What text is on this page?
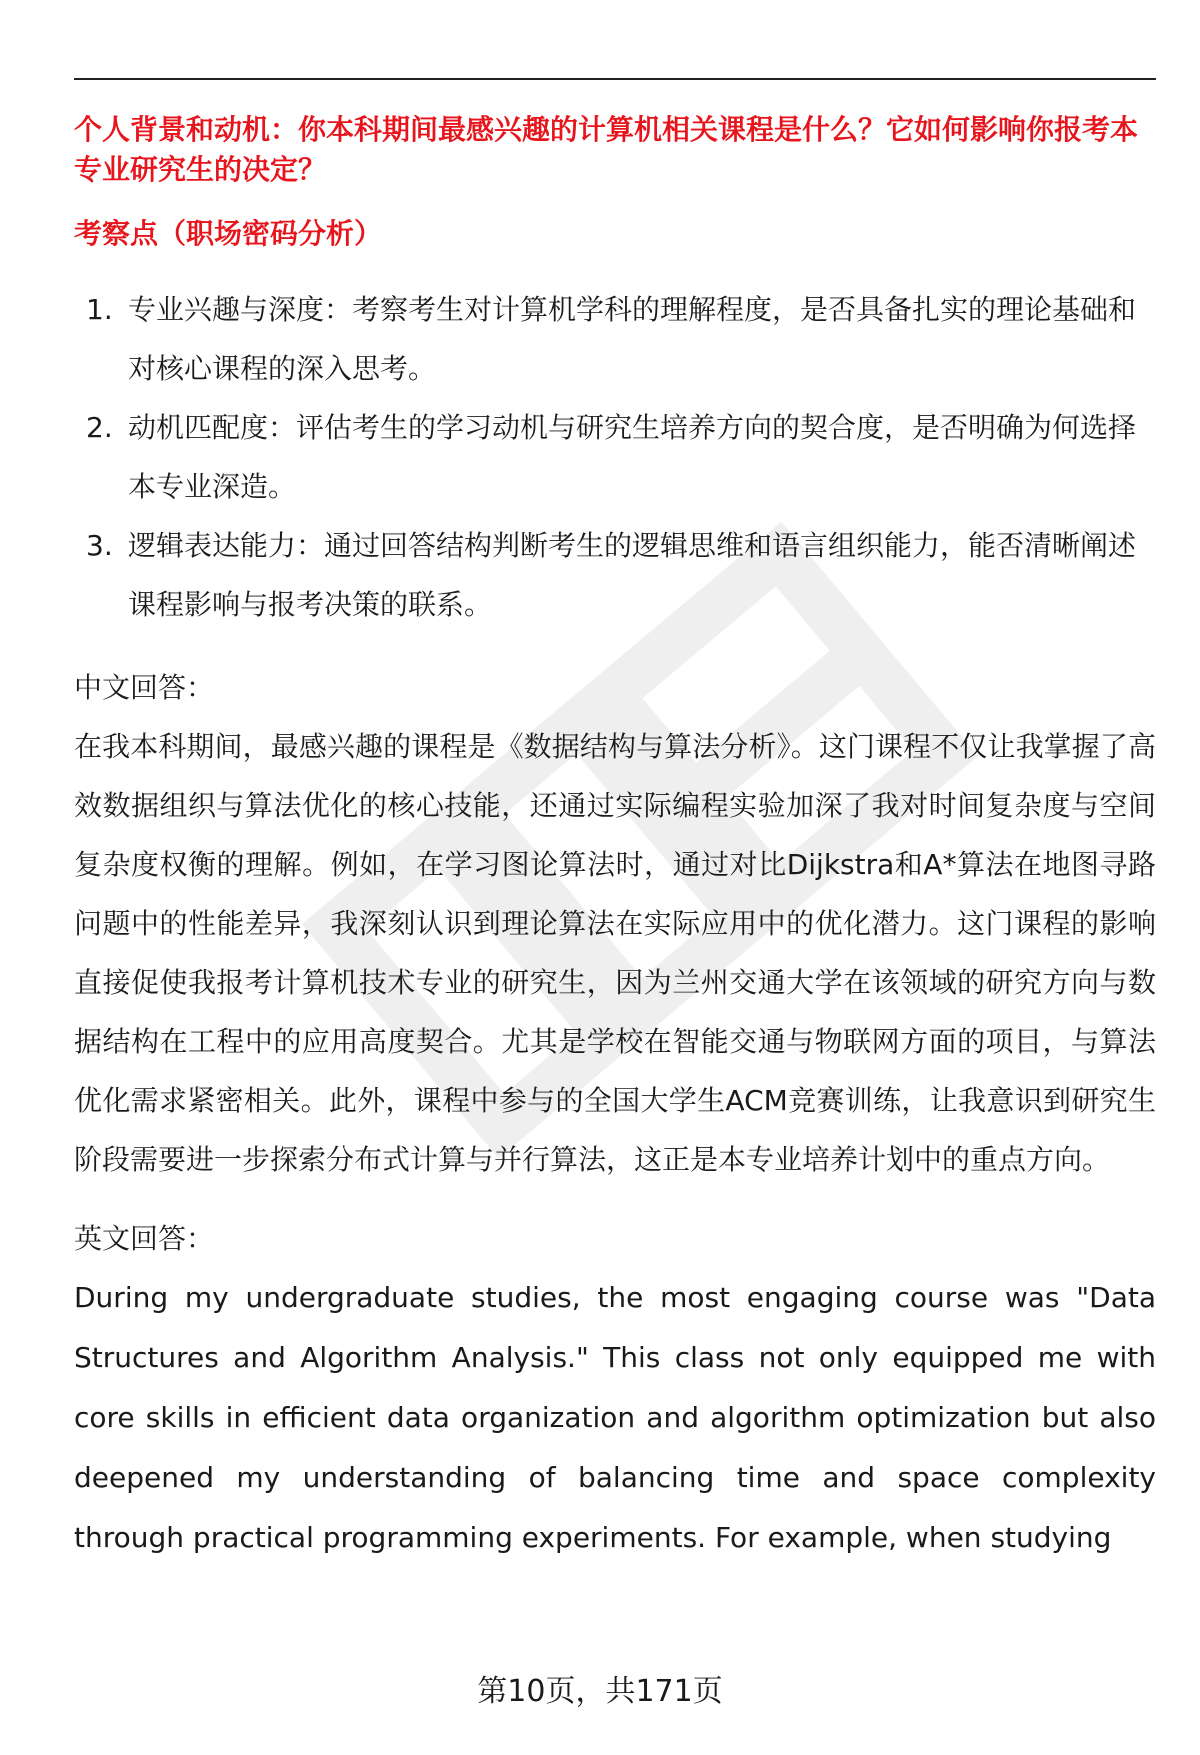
个人背景和动机：你本科期间最感兴趣的计算机相关课程是什么？它如何影响你报考本专业研究生的决定？

考察点（职场密码分析）

1. 专业兴趣与深度：考察考生对计算机学科的理解程度，是否具备扎实的理论基础和对核心课程的深入思考。
2. 动机匹配度：评估考生的学习动机与研究生培养方向的契合度，是否明确为何选择本专业深造。
3. 逻辑表达能力：通过回答结构判断考生的逻辑思维和语言组织能力，能否清晰阐述课程影响与报考决策的联系。

中文回答：

在我本科期间，最感兴趣的课程是《数据结构与算法分析》。这门课程不仅让我掌握了高效数据组织与算法优化的核心技能，还通过实际编程实验加深了我对时间复杂度与空间复杂度权衡的理解。例如，在学习图论算法时，通过对比Dijkstra和A*算法在地图寻路问题中的性能差异，我深刻认识到理论算法在实际应用中的优化潜力。这门课程的影响直接促使我报考计算机技术专业的研究生，因为兰州交通大学在该领域的研究方向与数据结构在工程中的应用高度契合。尤其是学校在智能交通与物联网方面的项目，与算法优化需求紧密相关。此外，课程中参与的全国大学生ACM竞赛训练，让我意识到研究生阶段需要进一步探索分布式计算与并行算法，这正是本专业培养计划中的重点方向。

英文回答：

During my undergraduate studies, the most engaging course was "Data Structures and Algorithm Analysis." This class not only equipped me with core skills in efficient data organization and algorithm optimization but also deepened my understanding of balancing time and space complexity through practical programming experiments. For example, when studying

第10页，共171页
